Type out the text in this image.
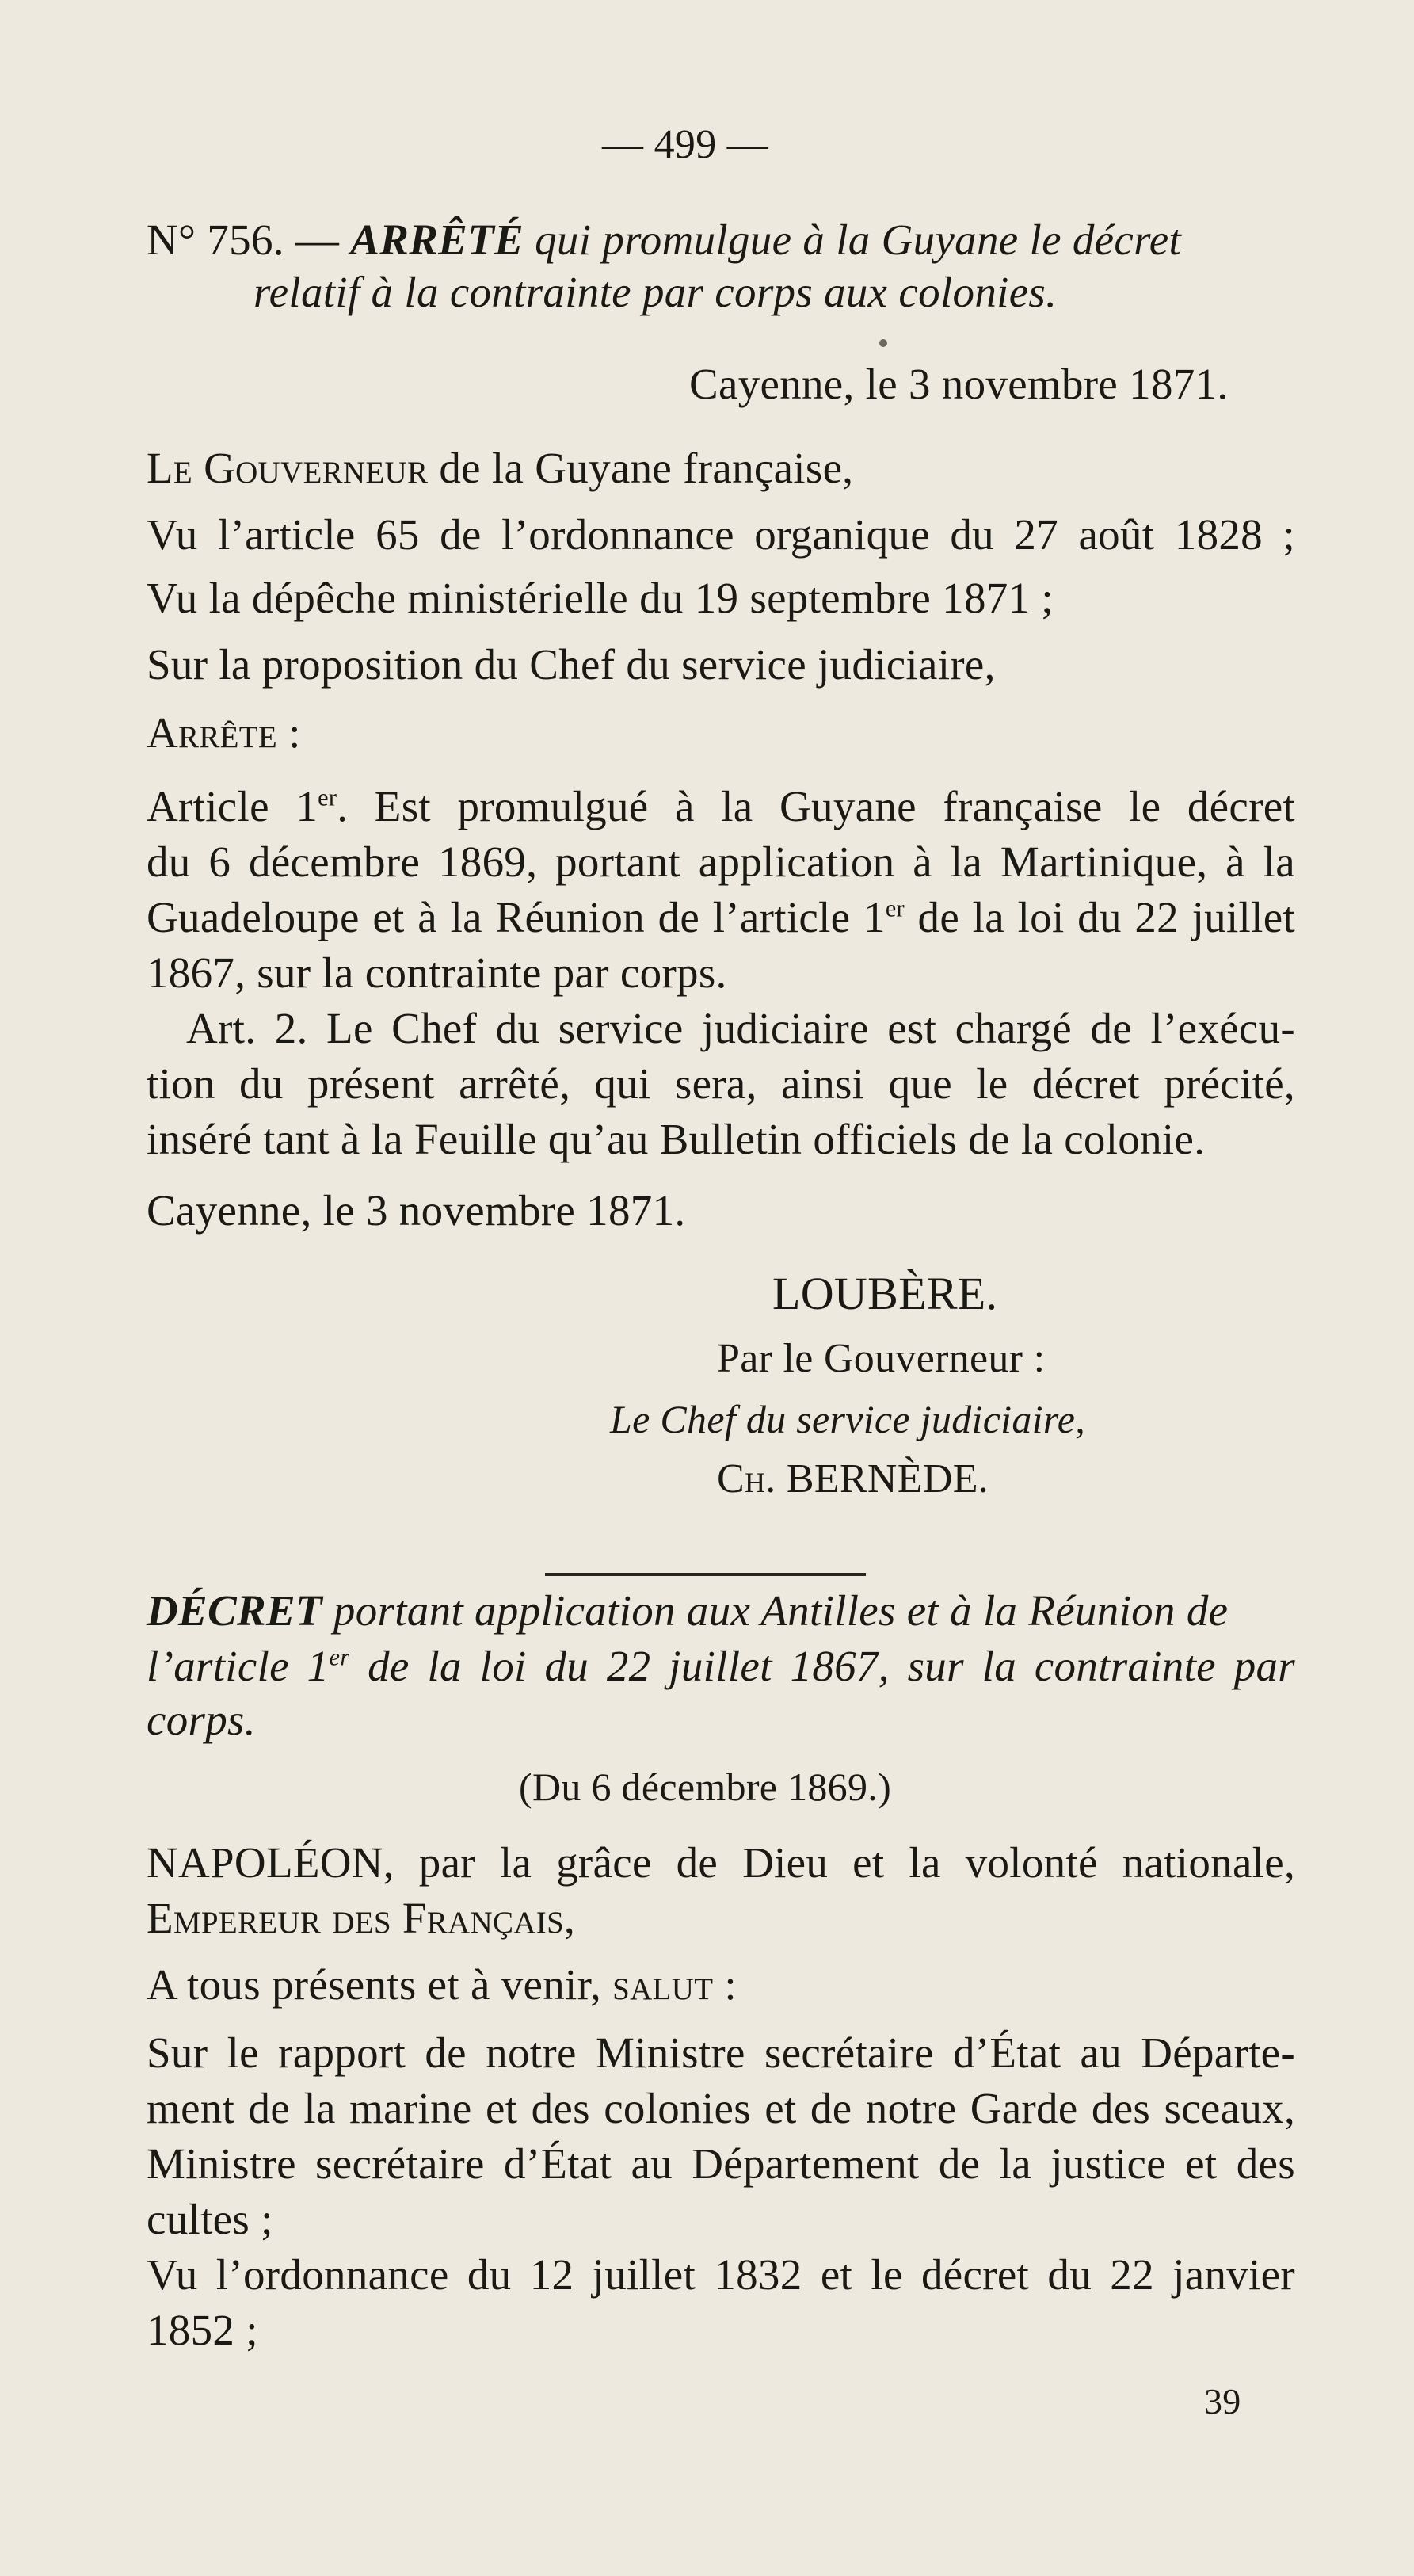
— 499 —
N° 756. — ARRÊTÉ qui promulgue à la Guyane le décret
relatif à la contrainte par corps aux colonies.
Cayenne, le 3 novembre 1871.
Le Gouverneur de la Guyane française,
Vu l’article 65 de l’ordonnance organique du 27 août 1828 ;
Vu la dépêche ministérielle du 19 septembre 1871 ;
Sur la proposition du Chef du service judiciaire,
Arrête :
Article 1er. Est promulgué à la Guyane française le décret
du 6 décembre 1869, portant application à la Martinique, à la
Guadeloupe et à la Réunion de l’article 1er de la loi du 22 juillet
1867, sur la contrainte par corps.
Art. 2. Le Chef du service judiciaire est chargé de l’exécu-
tion du présent arrêté, qui sera, ainsi que le décret précité,
inséré tant à la Feuille qu’au Bulletin officiels de la colonie.
Cayenne, le 3 novembre 1871.
LOUBÈRE.
Par le Gouverneur :
Le Chef du service judiciaire,
Ch. BERNÈDE.
DÉCRET portant application aux Antilles et à la Réunion de
l’article 1er de la loi du 22 juillet 1867, sur la contrainte par
corps.
(Du 6 décembre 1869.)
NAPOLÉON, par la grâce de Dieu et la volonté nationale,
Empereur des Français,
A tous présents et à venir, salut :
Sur le rapport de notre Ministre secrétaire d’État au Départe-
ment de la marine et des colonies et de notre Garde des sceaux,
Ministre secrétaire d’État au Département de la justice et des
cultes ;
Vu l’ordonnance du 12 juillet 1832 et le décret du 22 janvier
1852 ;
39
